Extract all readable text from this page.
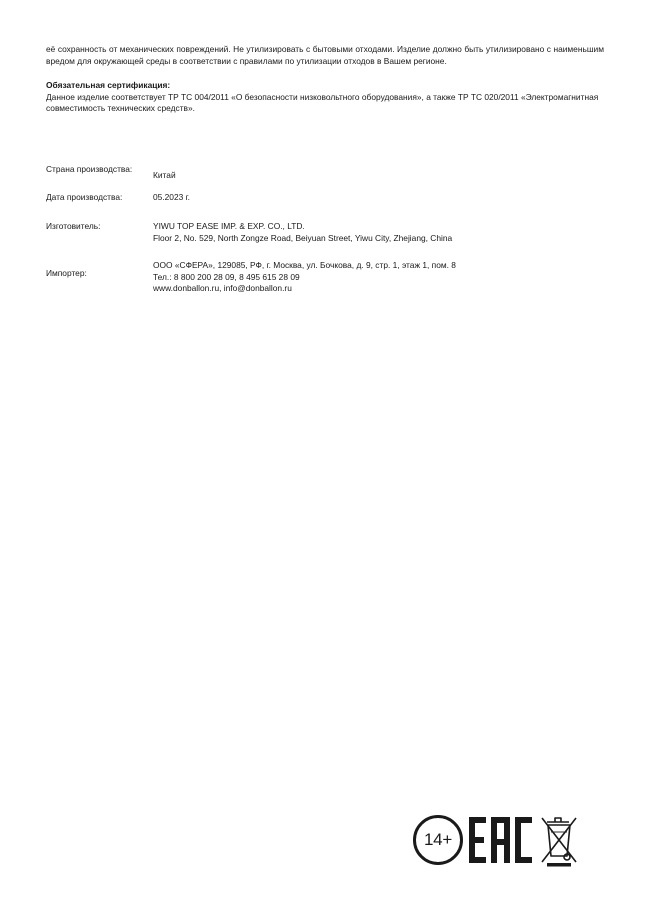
её сохранность от механических повреждений. Не утилизировать с бытовыми отходами. Изделие должно быть утилизировано с наименьшим вредом для окружающей среды в соответствии с правилами по утилизации отходов в Вашем регионе.

Обязательная сертификация:

Данное изделие соответствует ТР ТС 004/2011 «О безопасности низковольтного оборудования», а также ТР ТС 020/2011 «Электромагнитная совместимость технических средств».

Страна производства:
Китай
Дата производства:	05.2023 г.
Изготовитель:	YIWU TOP EASE IMP. & EXP. CO., LTD.
Floor 2, No. 529, North Zongze Road, Beiyuan Street, Yiwu City, Zhejiang, China
Импортер:
ООО «СФЕРА», 129085, РФ, г. Москва, ул. Бочкова, д. 9, стр. 1, этаж 1, пом. 8
Тел.: 8 800 200 28 09, 8 495 615 28 09
www.donballon.ru, info@donballon.ru
14+
